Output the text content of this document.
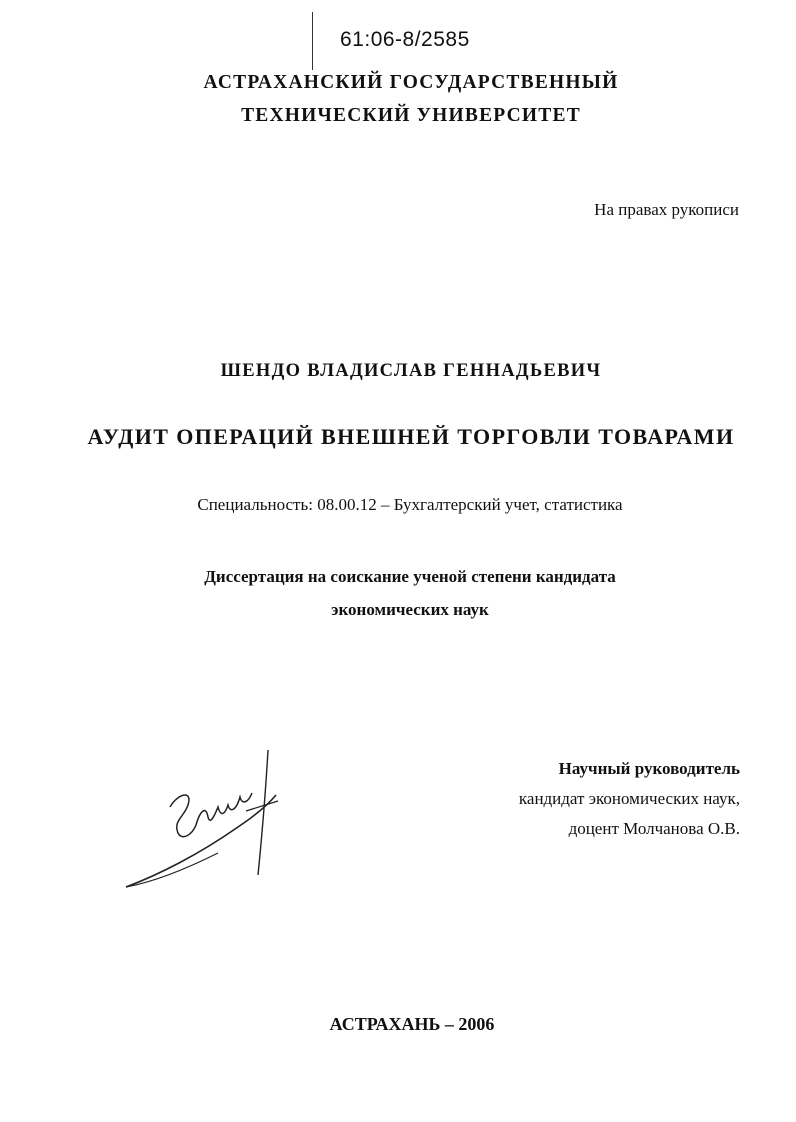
61:06-8/2585
АСТРАХАНСКИЙ ГОСУДАРСТВЕННЫЙ
ТЕХНИЧЕСКИЙ УНИВЕРСИТЕТ
На правах рукописи
ШЕНДО ВЛАДИСЛАВ ГЕННАДЬЕВИЧ
АУДИТ ОПЕРАЦИЙ ВНЕШНЕЙ ТОРГОВЛИ ТОВАРАМИ
Специальность: 08.00.12 – Бухгалтерский учет, статистика
Диссертация на соискание ученой степени кандидата
экономических наук
Шенд
Научный руководитель
кандидат экономических наук,
доцент Молчанова О.В.
АСТРАХАНЬ – 2006
